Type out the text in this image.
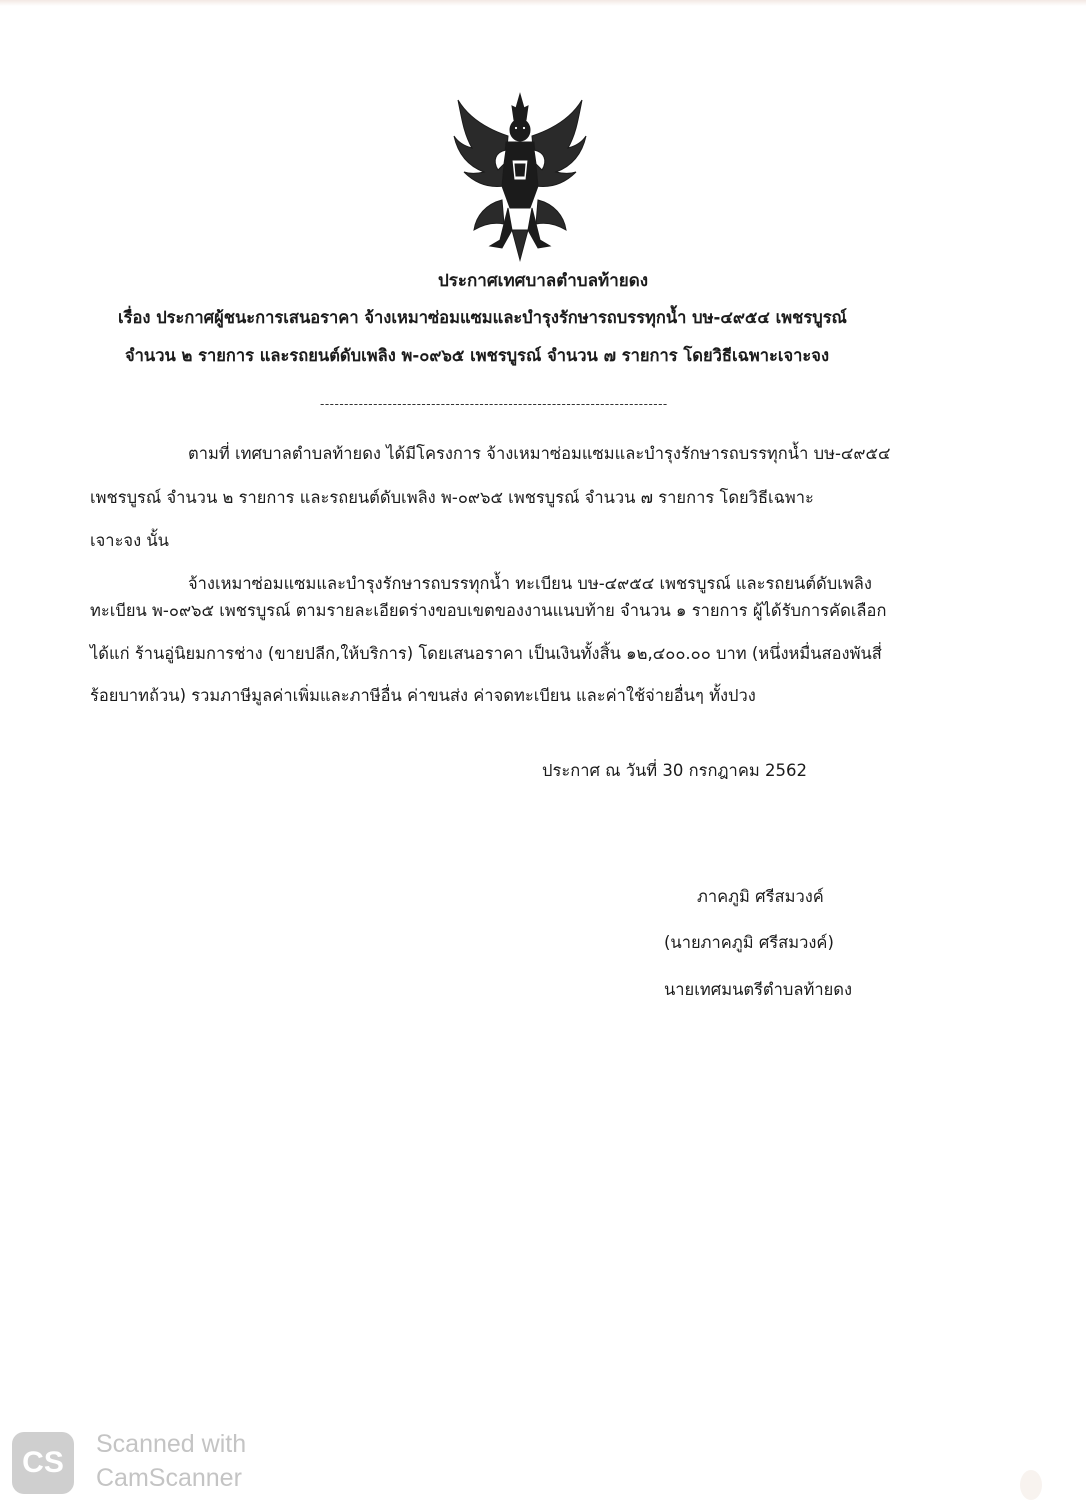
ประกาศเทศบาลตำบลท้ายดง
เรื่อง ประกาศผู้ชนะการเสนอราคา จ้างเหมาซ่อมแซมและบำรุงรักษารถบรรทุกน้ำ บษ-๔๙๕๔ เพชรบูรณ์
จำนวน ๒ รายการ และรถยนต์ดับเพลิง พ-๐๙๖๕ เพชรบูรณ์ จำนวน ๗ รายการ โดยวิธีเฉพาะเจาะจง
------------------------------------------------------------------------
ตามที่ เทศบาลตำบลท้ายดง ได้มีโครงการ จ้างเหมาซ่อมแซมและบำรุงรักษารถบรรทุกน้ำ บษ-๔๙๕๔
เพชรบูรณ์ จำนวน ๒ รายการ และรถยนต์ดับเพลิง พ-๐๙๖๕ เพชรบูรณ์ จำนวน ๗ รายการ โดยวิธีเฉพาะ
เจาะจง นั้น
จ้างเหมาซ่อมแซมและบำรุงรักษารถบรรทุกน้ำ ทะเบียน บษ-๔๙๕๔ เพชรบูรณ์ และรถยนต์ดับเพลิง
ทะเบียน พ-๐๙๖๕ เพชรบูรณ์ ตามรายละเอียดร่างขอบเขตของงานแนบท้าย จำนวน ๑ รายการ ผู้ได้รับการคัดเลือก
ได้แก่ ร้านอู่นิยมการช่าง (ขายปลีก,ให้บริการ) โดยเสนอราคา เป็นเงินทั้งสิ้น ๑๒,๔๐๐.๐๐ บาท (หนึ่งหมื่นสองพันสี่
ร้อยบาทถ้วน) รวมภาษีมูลค่าเพิ่มและภาษีอื่น ค่าขนส่ง ค่าจดทะเบียน และค่าใช้จ่ายอื่นๆ ทั้งปวง
ประกาศ ณ วันที่ 30 กรกฎาคม 2562
ภาคภูมิ ศรีสมวงค์
(นายภาคภูมิ ศรีสมวงค์)
นายเทศมนตรีตำบลท้ายดง
CS
Scanned with
CamScanner
